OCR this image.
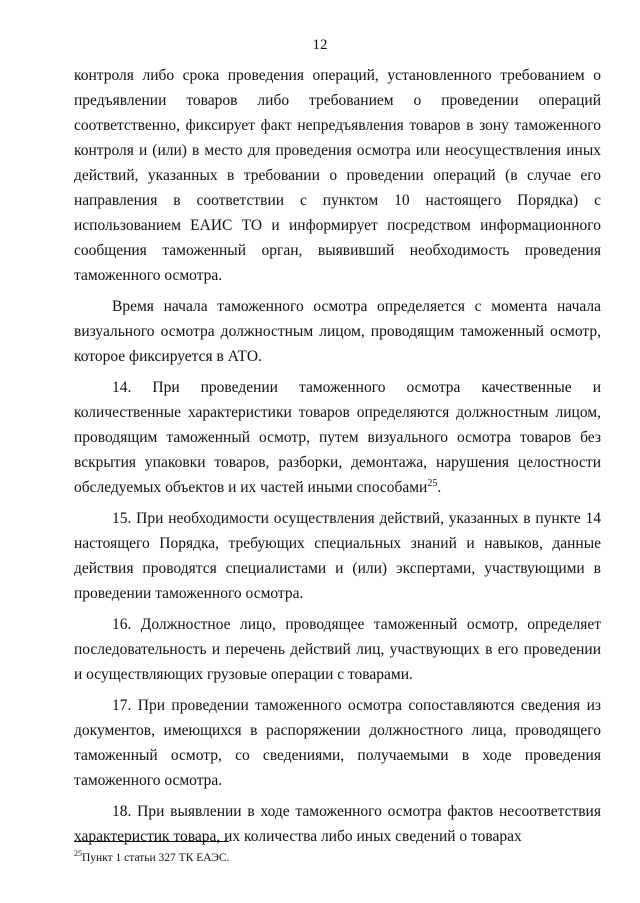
12

контроля либо срока проведения операций, установленного требованием о предъявлении товаров либо требованием о проведении операций соответственно, фиксирует факт непредъявления товаров в зону таможенного контроля и (или) в место для проведения осмотра или неосуществления иных действий, указанных в требовании о проведении операций (в случае его направления в соответствии с пунктом 10 настоящего Порядка) с использованием ЕАИС ТО и информирует посредством информационного сообщения таможенный орган, выявивший необходимость проведения таможенного осмотра.

Время начала таможенного осмотра определяется с момента начала визуального осмотра должностным лицом, проводящим таможенный осмотр, которое фиксируется в АТО.

14. При проведении таможенного осмотра качественные и количественные характеристики товаров определяются должностным лицом, проводящим таможенный осмотр, путем визуального осмотра товаров без вскрытия упаковки товаров, разборки, демонтажа, нарушения целостности обследуемых объектов и их частей иными способами$^{25}$.

15. При необходимости осуществления действий, указанных в пункте 14 настоящего Порядка, требующих специальных знаний и навыков, данные действия проводятся специалистами и (или) экспертами, участвующими в проведении таможенного осмотра.

16. Должностное лицо, проводящее таможенный осмотр, определяет последовательность и перечень действий лиц, участвующих в его проведении и осуществляющих грузовые операции с товарами.

17. При проведении таможенного осмотра сопоставляются сведения из документов, имеющихся в распоряжении должностного лица, проводящего таможенный осмотр, со сведениями, получаемыми в ходе проведения таможенного осмотра.

18. При выявлении в ходе таможенного осмотра фактов несоответствия характеристик товара, их количества либо иных сведений о товарах

$^{25}$Пункт 1 статьи 327 ТК ЕАЭС.
